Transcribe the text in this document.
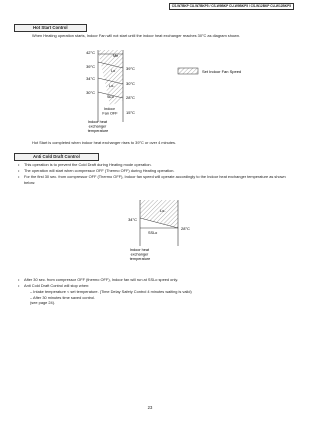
CS-W7BKP CU-W7BKP5 / CS-W9BKP CU-W9BKP5 / CS-W12BKP CU-W12BKP5
Hot Start Control
When Heating operation starts, Indoor Fan will not start until the indoor heat exchanger reaches 30°C as diagram shown.
42°C
39°C
34°C
30°C
39°C
30°C
28°C
15°C
Me
Lo
Lo-
SLo
Set Indoor Fan Speed
Indoor Fan OFF
Indoor heat exchanger temperature
Hot Start is completed when indoor heat exchanger rises to 39°C or over 4 minutes.
Anti Cold Draft Control
• This operation is to prevent the Cold Draft during Heating mode operation.
• The operation will start when compressor OFF (Thermo OFF) during Heating operation.
• For the first 30 sec. from compressor OFF (Thermo OFF), Indoor fan speed will operate accordingly to the Indoor heat exchanger temperature as shown below:
Lo-
SSLo
34°C
28°C
Indoor heat exchanger temperature
• After 30 sec. from compressor OFF (thermo OFF), Indoor fan will run at SSLo speed only.
• Anti Cold Draft Control will stop when:
– Intake temperature < set temperature. (Time Delay Safety Control 4 minutes waiting is valid)
– After 30 minutes time saved control.
(see page 24).
23
